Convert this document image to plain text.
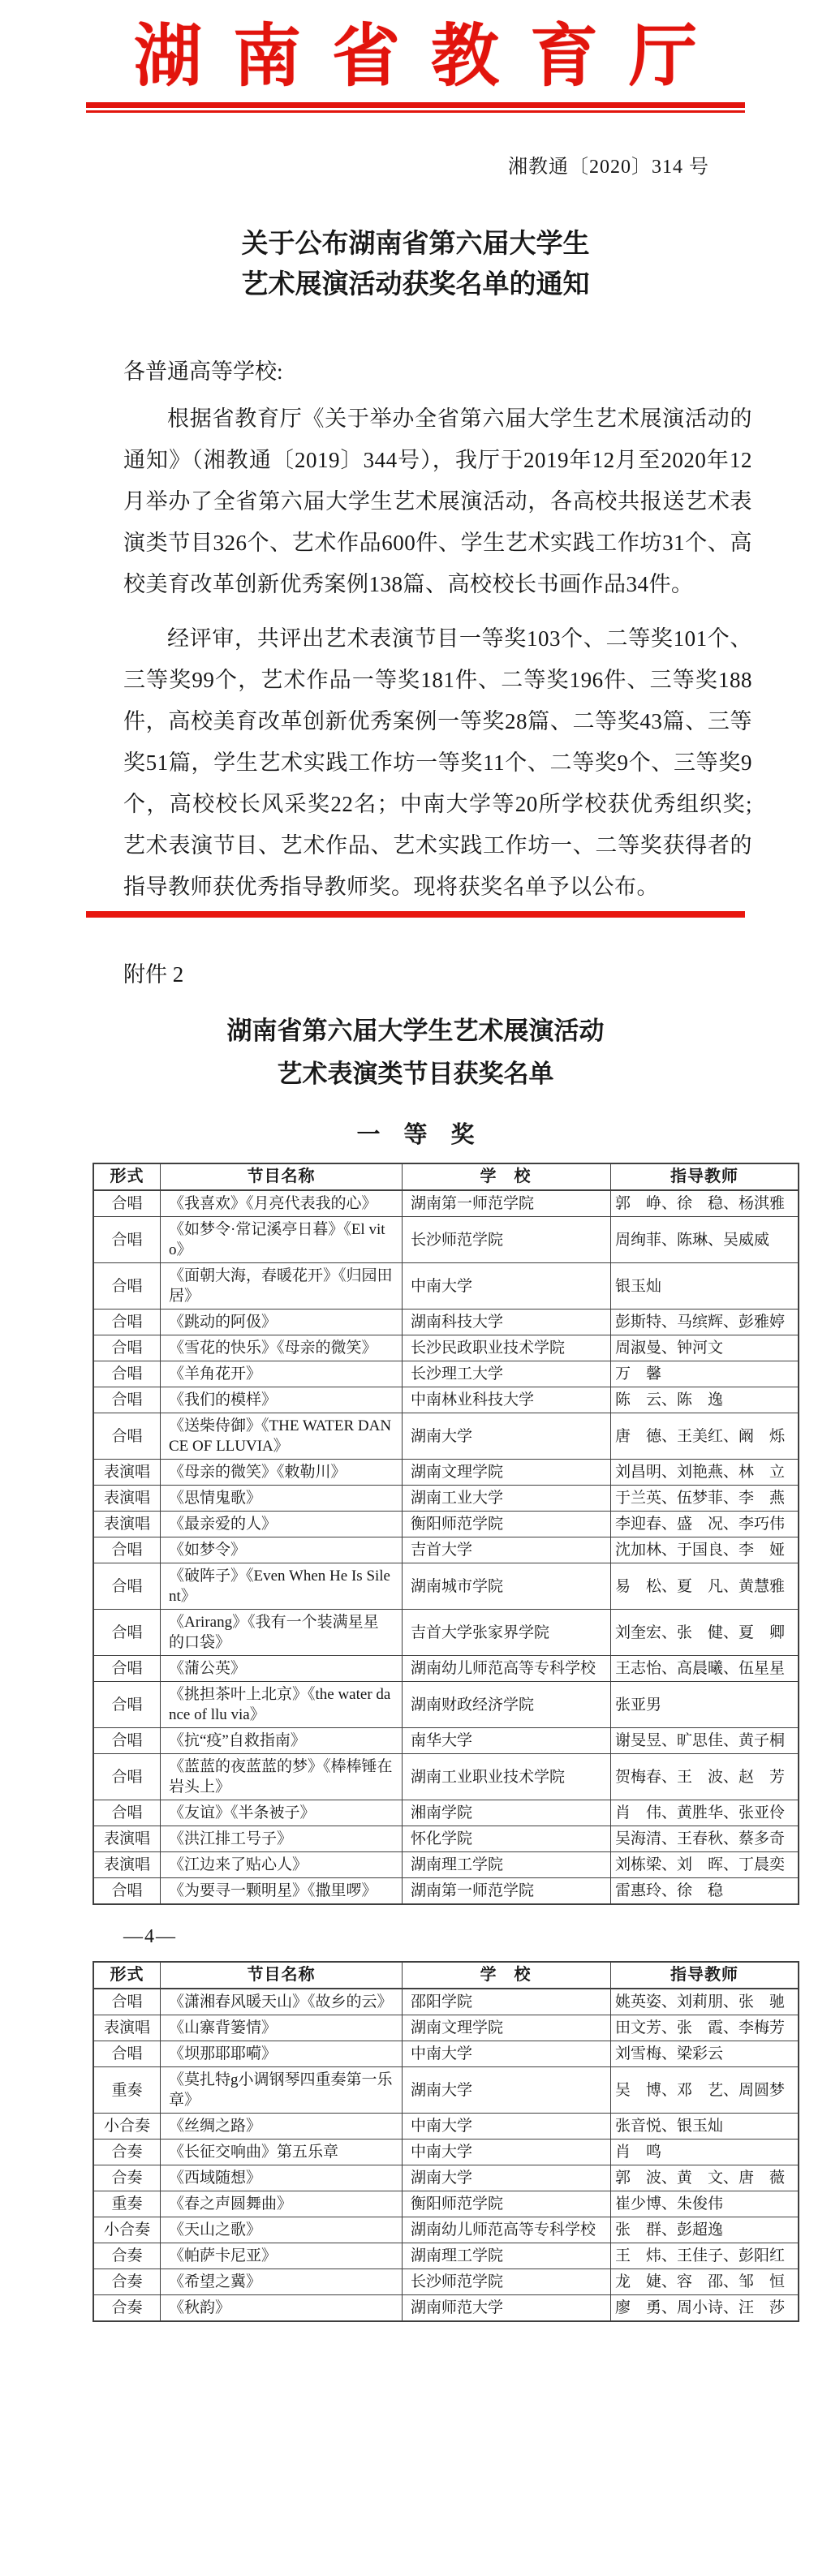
湖南省教育厅
湘教通〔2020〕314 号
关于公布湖南省第六届大学生
艺术展演活动获奖名单的通知
各普通高等学校:

根据省教育厅《关于举办全省第六届大学生艺术展演活动的通知》（湘教通〔2019〕344号），我厅于2019年12月至2020年12月举办了全省第六届大学生艺术展演活动，各高校共报送艺术表演类节目326个、艺术作品600件、学生艺术实践工作坊31个、高校美育改革创新优秀案例138篇、高校校长书画作品34件。

经评审，共评出艺术表演节目一等奖103个、二等奖101个、三等奖99个，艺术作品一等奖181件、二等奖196件、三等奖188件，高校美育改革创新优秀案例一等奖28篇、二等奖43篇、三等奖51篇，学生艺术实践工作坊一等奖11个、二等奖9个、三等奖9个，高校校长风采奖22名；中南大学等20所学校获优秀组织奖;艺术表演节目、艺术作品、艺术实践工作坊一、二等奖获得者的指导教师获优秀指导教师奖。现将获奖名单予以公布。

附件 2
湖南省第六届大学生艺术展演活动
艺术表演类节目获奖名单
一　等　奖
形式	节目名称	学　校	指导教师
合唱	《我喜欢》《月亮代表我的心》	湖南第一师范学院	郭　峥、徐　稳、杨淇雅
合唱	《如梦令·常记溪亭日暮》《El vito》	长沙师范学院	周绚菲、陈琳、吴威威
合唱	《面朝大海，春暖花开》《归园田居》	中南大学	银玉灿
合唱	《跳动的阿伋》	湖南科技大学	彭斯特、马缤辉、彭雅婷
合唱	《雪花的快乐》《母亲的微笑》	长沙民政职业技术学院	周淑曼、钟河文
合唱	《羊角花开》	长沙理工大学	万　馨
合唱	《我们的模样》	中南林业科技大学	陈　云、陈　逸
合唱	《送柴侍御》《THE WATER DANCE OF LLUVIA》	湖南大学	唐　德、王美红、阚　烁
表演唱	《母亲的微笑》《敕勒川》	湖南文理学院	刘昌明、刘艳燕、林　立
表演唱	《思情鬼歌》	湖南工业大学	于兰英、伍梦菲、李　燕
表演唱	《最亲爱的人》	衡阳师范学院	李迎春、盛　况、李巧伟
合唱	《如梦令》	吉首大学	沈加林、于国良、李　娅
合唱	《破阵子》《Even When He Is Silent》	湖南城市学院	易　松、夏　凡、黄慧雅
合唱	《Arirang》《我有一个装满星星的口袋》	吉首大学张家界学院	刘奎宏、张　健、夏　卿
合唱	《蒲公英》	湖南幼儿师范高等专科学校	王志怡、高晨曦、伍星星
合唱	《挑担茶叶上北京》《the water dance of llu via》	湖南财政经济学院	张亚男
合唱	《抗“疫”自救指南》	南华大学	谢旻昱、旷思佳、黄子桐
合唱	《蓝蓝的夜蓝蓝的梦》《棒棒锤在岩头上》	湖南工业职业技术学院	贺梅春、王　波、赵　芳
合唱	《友谊》《半条被子》	湘南学院	肖　伟、黄胜华、张亚伶
表演唱	《洪江排工号子》	怀化学院	吴海清、王春秋、蔡多奇
表演唱	《江边来了贴心人》	湖南理工学院	刘栋梁、刘　晖、丁晨奕
合唱	《为要寻一颗明星》《撒里啰》	湖南第一师范学院	雷惠玲、徐　稳
—4—
形式	节目名称	学　校	指导教师
合唱	《潇湘春风暖天山》《故乡的云》	邵阳学院	姚英姿、刘莉朋、张　驰
表演唱	《山寨背篓情》	湖南文理学院	田文芳、张　霞、李梅芳
合唱	《坝那耶耶嗬》	中南大学	刘雪梅、梁彩云
重奏	《莫扎特g小调钢琴四重奏第一乐章》	湖南大学	吴　博、邓　艺、周圆梦
小合奏	《丝绸之路》	中南大学	张音悦、银玉灿
合奏	《长征交响曲》第五乐章	中南大学	肖　鸣
合奏	《西域随想》	湖南大学	郭　波、黄　文、唐　薇
重奏	《春之声圆舞曲》	衡阳师范学院	崔少博、朱俊伟
小合奏	《天山之歌》	湖南幼儿师范高等专科学校	张　群、彭超逸
合奏	《帕萨卡尼亚》	湖南理工学院	王　炜、王佳子、彭阳红
合奏	《希望之冀》	长沙师范学院	龙　婕、容　邵、邹　恒
合奏	《秋韵》	湖南师范大学	廖　勇、周小诗、汪　莎
